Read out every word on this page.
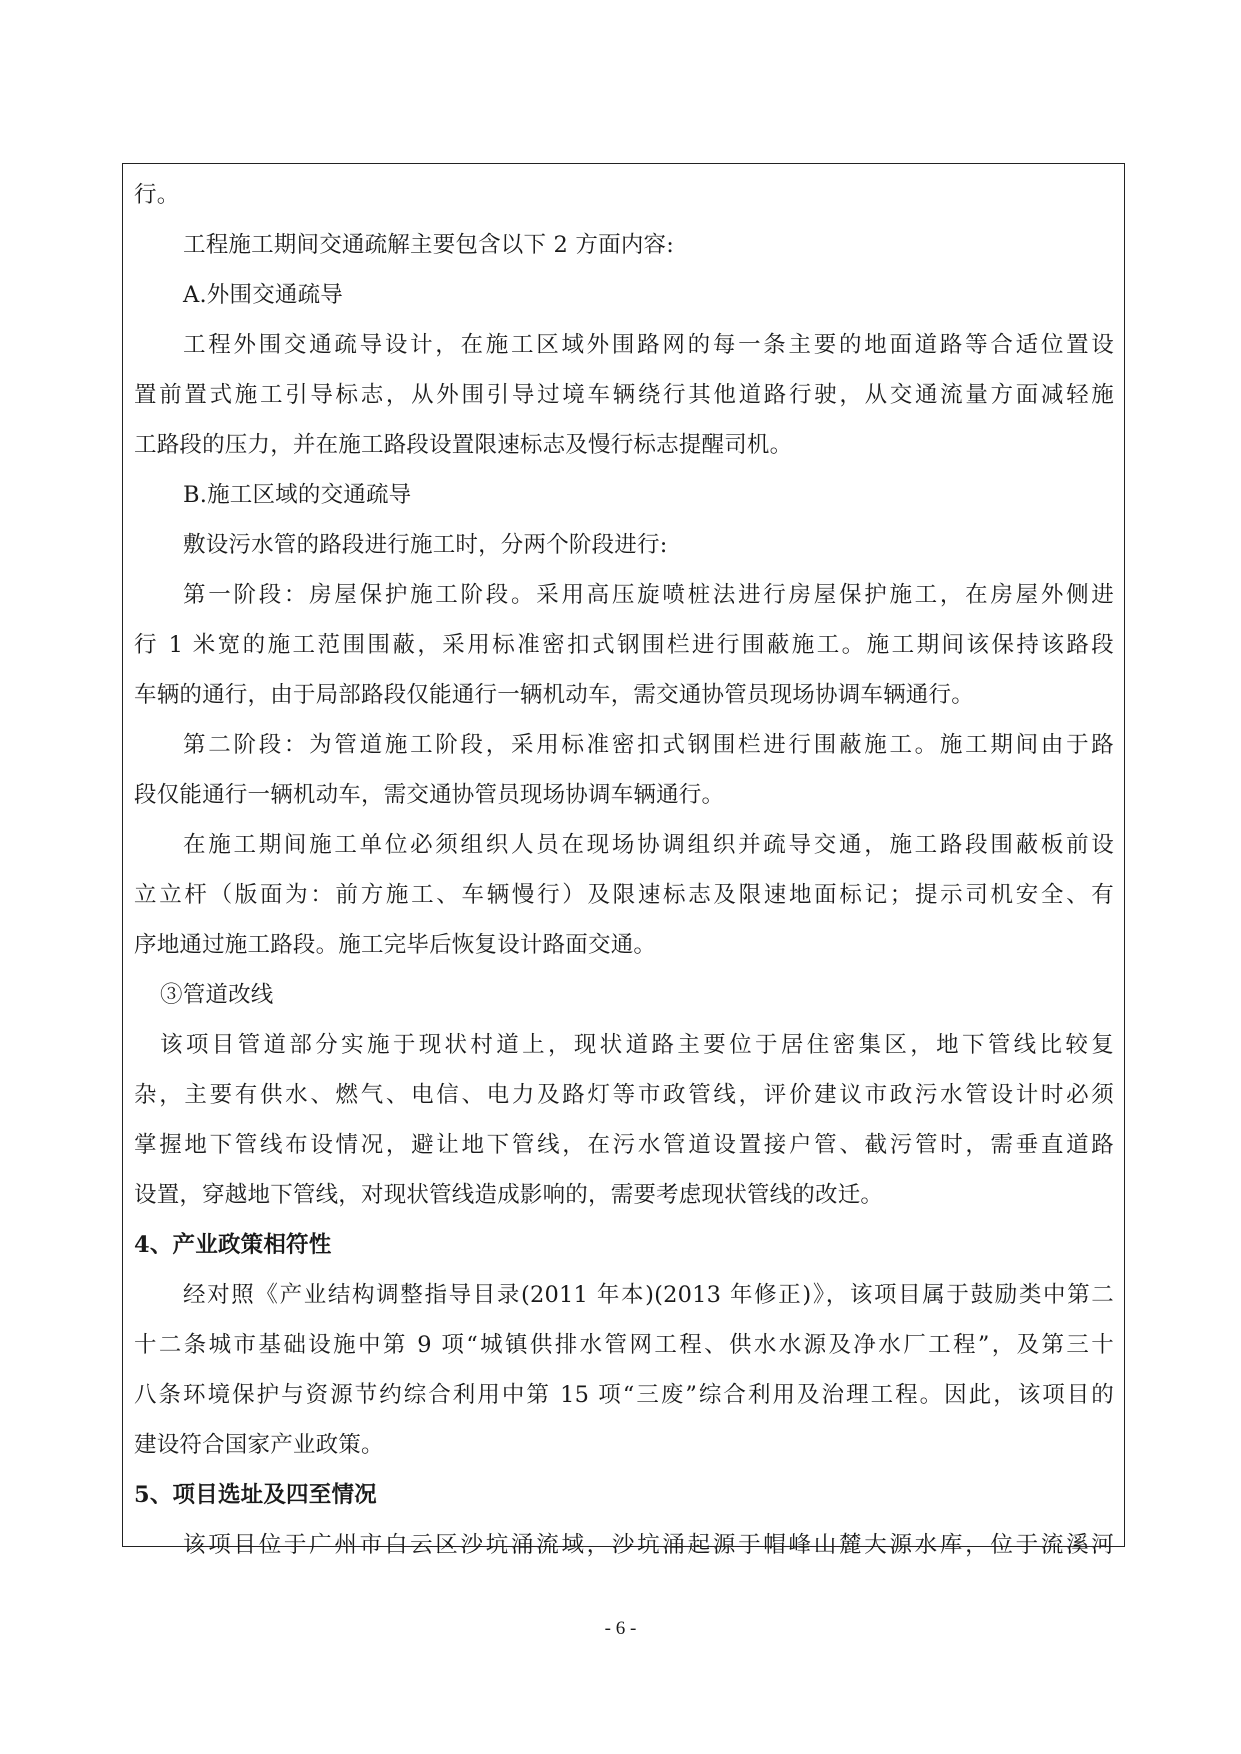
行。
工程施工期间交通疏解主要包含以下 2 方面内容:
A.外围交通疏导
工程外围交通疏导设计，在施工区域外围路网的每一条主要的地面道路等合适位置设
置前置式施工引导标志，从外围引导过境车辆绕行其他道路行驶，从交通流量方面减轻施
工路段的压力，并在施工路段设置限速标志及慢行标志提醒司机。
B.施工区域的交通疏导
敷设污水管的路段进行施工时，分两个阶段进行:
第一阶段：房屋保护施工阶段。采用高压旋喷桩法进行房屋保护施工，在房屋外侧进
行 1 米宽的施工范围围蔽，采用标准密扣式钢围栏进行围蔽施工。施工期间该保持该路段
车辆的通行，由于局部路段仅能通行一辆机动车，需交通协管员现场协调车辆通行。
第二阶段：为管道施工阶段，采用标准密扣式钢围栏进行围蔽施工。施工期间由于路
段仅能通行一辆机动车，需交通协管员现场协调车辆通行。
在施工期间施工单位必须组织人员在现场协调组织并疏导交通，施工路段围蔽板前设
立立杆（版面为：前方施工、车辆慢行）及限速标志及限速地面标记；提示司机安全、有
序地通过施工路段。施工完毕后恢复设计路面交通。
③管道改线
该项目管道部分实施于现状村道上，现状道路主要位于居住密集区，地下管线比较复
杂，主要有供水、燃气、电信、电力及路灯等市政管线，评价建议市政污水管设计时必须
掌握地下管线布设情况，避让地下管线，在污水管道设置接户管、截污管时，需垂直道路
设置，穿越地下管线，对现状管线造成影响的，需要考虑现状管线的改迁。
4、产业政策相符性
经对照《产业结构调整指导目录(2011 年本)(2013 年修正)》，该项目属于鼓励类中第二
十二条城市基础设施中第 9 项“城镇供排水管网工程、供水水源及净水厂工程”，及第三十
八条环境保护与资源节约综合利用中第 15 项“三废”综合利用及治理工程。因此，该项目的
建设符合国家产业政策。
5、项目选址及四至情况
该项目位于广州市白云区沙坑涌流域，沙坑涌起源于帽峰山麓大源水库，位于流溪河
- 6 -
